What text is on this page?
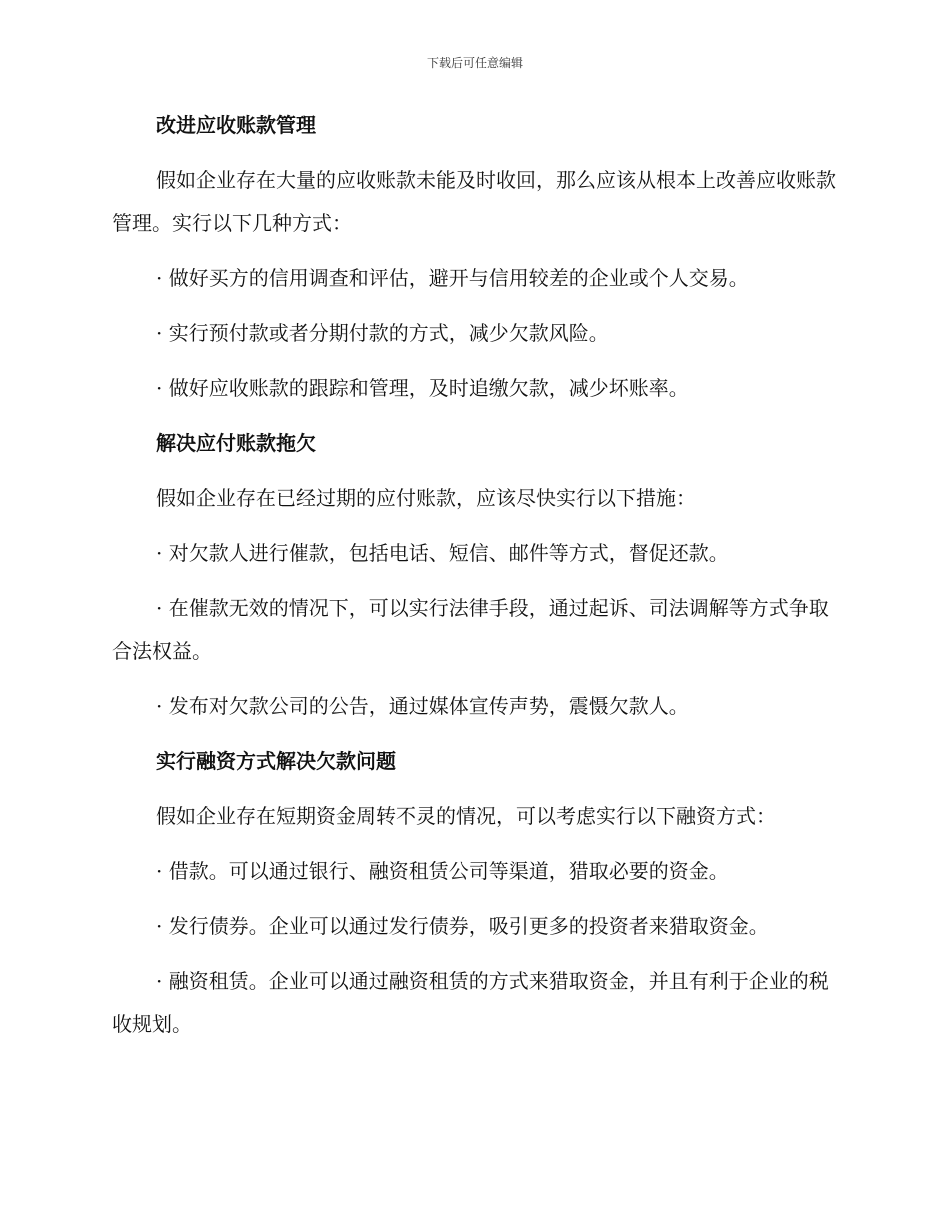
下载后可任意编辑
改进应收账款管理
假如企业存在大量的应收账款未能及时收回，那么应该从根本上改善应收账款管理。实行以下几种方式：
· 做好买方的信用调查和评估，避开与信用较差的企业或个人交易。
· 实行预付款或者分期付款的方式，减少欠款风险。
· 做好应收账款的跟踪和管理，及时追缴欠款，减少坏账率。
解决应付账款拖欠
假如企业存在已经过期的应付账款，应该尽快实行以下措施：
· 对欠款人进行催款，包括电话、短信、邮件等方式，督促还款。
· 在催款无效的情况下，可以实行法律手段，通过起诉、司法调解等方式争取合法权益。
· 发布对欠款公司的公告，通过媒体宣传声势，震慑欠款人。
实行融资方式解决欠款问题
假如企业存在短期资金周转不灵的情况，可以考虑实行以下融资方式：
· 借款。可以通过银行、融资租赁公司等渠道，猎取必要的资金。
· 发行债券。企业可以通过发行债券，吸引更多的投资者来猎取资金。
· 融资租赁。企业可以通过融资租赁的方式来猎取资金，并且有利于企业的税收规划。
